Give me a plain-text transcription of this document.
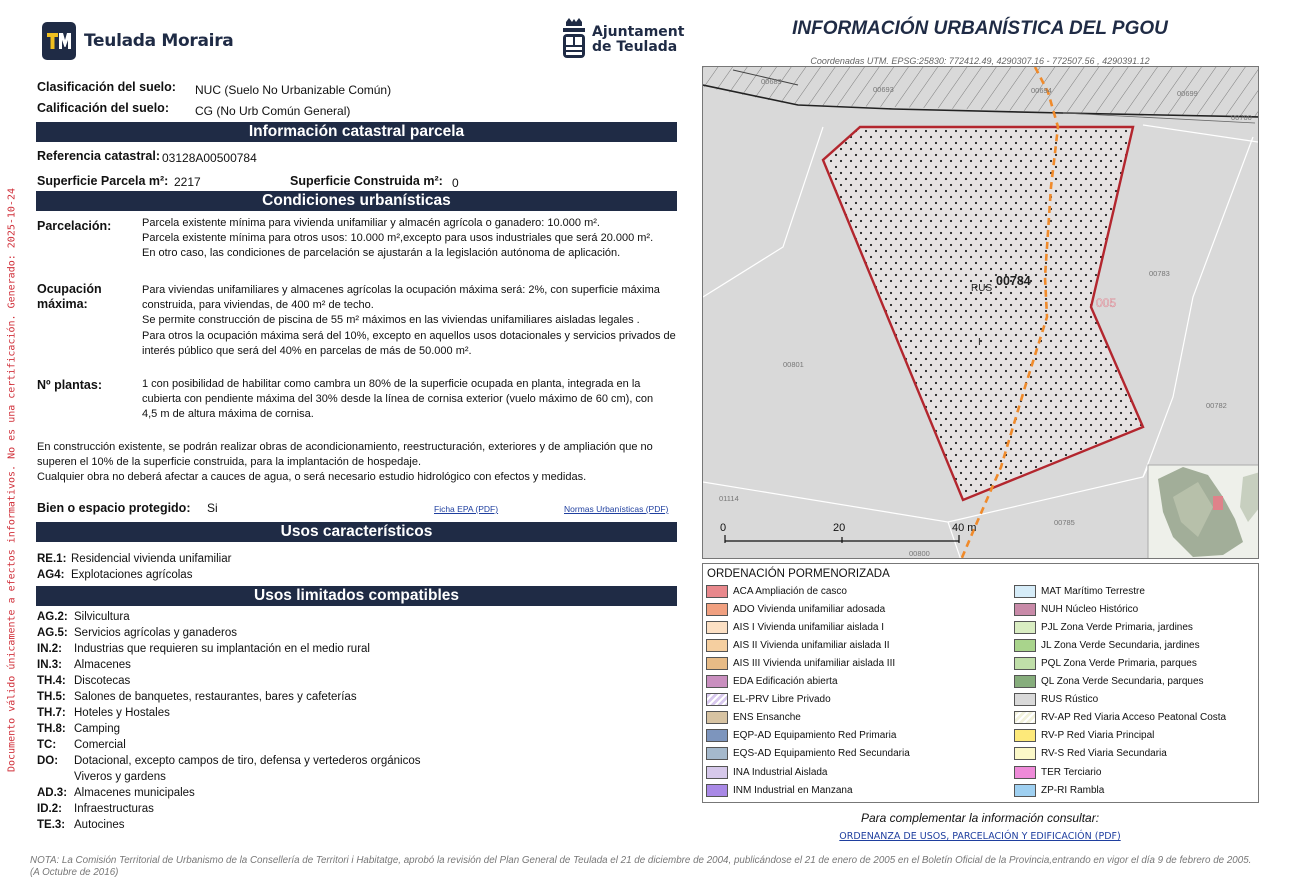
Documento válido únicamente a efectos informativos. No es una certificación. Generado: 2025-10-24
Teulada Moraira	Ajuntament
de Teulada
Clasificación del suelo: NUC (Suelo No Urbanizable Común)
Calificación del suelo: CG (No Urb Común General)
Información catastral parcela
Referencia catastral: 03128A00500784
Superficie Parcela m²: 2217	Superficie Construida m²: 0
Condiciones urbanísticas
Parcelación:	Parcela existente mínima para vivienda unifamiliar y almacén agrícola o ganadero: 10.000 m².
Parcela existente mínima para otros usos: 10.000 m²,excepto para usos industriales que será 20.000 m².
En otro caso, las condiciones de parcelación se ajustarán a la legislación autónoma de aplicación.
Ocupación
máxima:
Para viviendas unifamiliares y almacenes agrícolas la ocupación máxima será: 2%, con superficie máxima
construida, para viviendas, de 400 m² de techo.
Se permite construcción de piscina de 55 m² máximos en las viviendas unifamiliares aisladas legales .
Para otros la ocupación máxima será del 10%, excepto en aquellos usos dotacionales y servicios privados de
interés público que será del 40% en parcelas de más de 50.000 m².
Nº plantas:	1 con posibilidad de habilitar como cambra un 80% de la superficie ocupada en planta, integrada en la
cubierta con pendiente máxima del 30% desde la línea de cornisa exterior (vuelo máximo de 60 cm), con
4,5 m de altura máxima de cornisa.
En construcción existente, se podrán realizar obras de acondicionamiento, reestructuración, exteriores y de ampliación que no
superen el 10% de la superficie construida, para la implantación de hospedaje.
Cualquier obra no deberá afectar a cauces de agua, o será necesario estudio hidrológico con efectos y medidas.
Bien o espacio protegido: Si	Ficha EPA (PDF)	Normas Urbanísticas (PDF)
Usos característicos
RE.1: Residencial vivienda unifamiliar
AG4: Explotaciones agrícolas
Usos limitados compatibles
AG.2: Silvicultura
AG.5: Servicios agrícolas y ganaderos
IN.2: Industrias que requieren su implantación en el medio rural
IN.3: Almacenes
TH.4: Discotecas
TH.5: Salones de banquetes, restaurantes, bares y cafeterías
TH.7: Hoteles y Hostales
TH.8: Camping
TC: Comercial
DO: Dotacional, excepto campos de tiro, defensa y vertederos orgánicos
Viveros y gardens
AD.3: Almacenes municipales
ID.2: Infraestructuras
TE.3: Autocines
INFORMACIÓN URBANÍSTICA DEL PGOU
Coordenadas UTM. EPSG:25830: 772412.49, 4290307.16 - 772507.56 , 4290391.12
00689
00693	00694	00699
00700
00783
00782
00785
00800
00801
01114
00784
RUS
I
005
0	20	40 m
ORDENACIÓN PORMENORIZADA
ACA Ampliación de casco
ADO Vivienda unifamiliar adosada
AIS I Vivienda unifamiliar aislada I
AIS II Vivienda unifamiliar aislada II
AIS III Vivienda unifamiliar aislada III
EDA Edificación abierta
EL-PRV Libre Privado
ENS Ensanche
EQP-AD Equipamiento Red Primaria
EQS-AD Equipamiento Red Secundaria
INA Industrial Aislada
INM Industrial en Manzana
MAT Marítimo Terrestre
NUH Núcleo Histórico
PJL Zona Verde Primaria, jardines
JL Zona Verde Secundaria, jardines
PQL Zona Verde Primaria, parques
QL Zona Verde Secundaria, parques
RUS Rústico
RV-AP Red Viaria Acceso Peatonal Costa
RV-P Red Viaria Principal
RV-S Red Viaria Secundaria
TER Terciario
ZP-RI Rambla
Para complementar la información consultar:
ORDENANZA DE USOS, PARCELACIÓN Y EDIFICACIÓN (PDF)
NOTA: La Comisión Territorial de Urbanismo de la Consellería de Territori i Habitatge, aprobó la revisión del Plan General de Teulada el 21 de diciembre de 2004, publicándose el 21 de enero de 2005 en el Boletín Oficial de la Provincia,entrando en vigor el día 9 de febrero de 2005. (A Octubre de 2016)
